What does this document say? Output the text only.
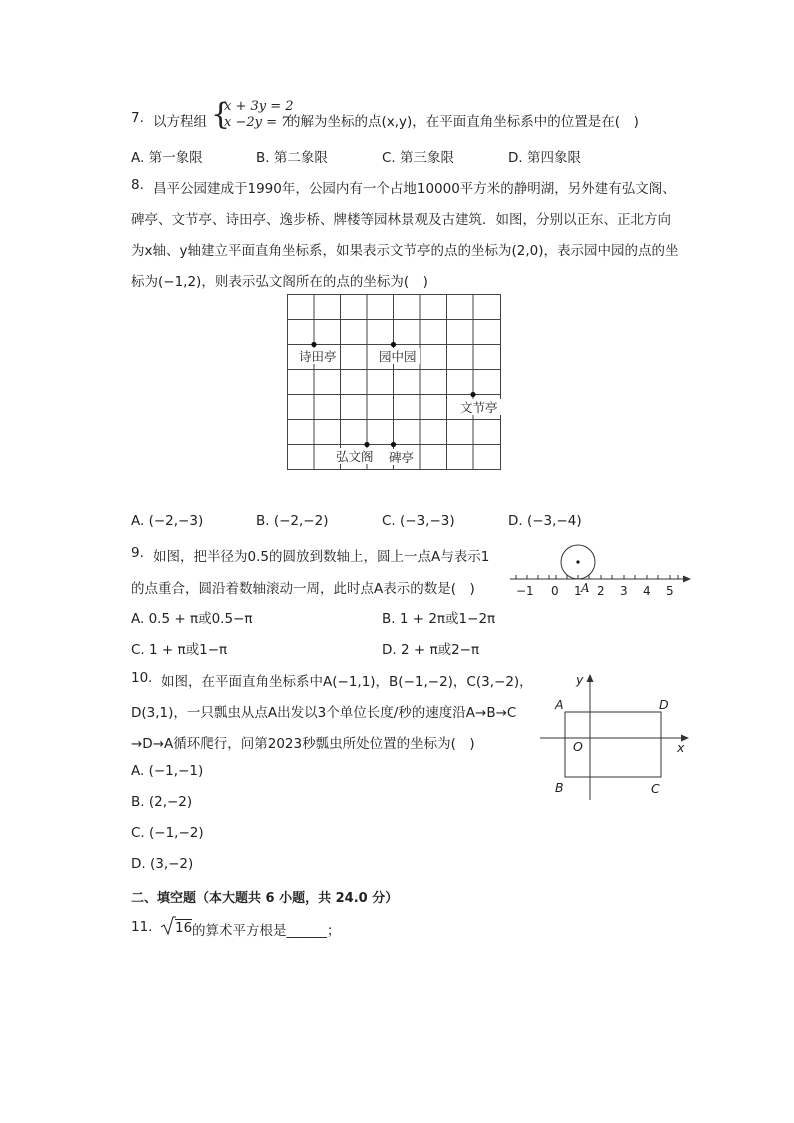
7. 以方程组 {
x + 3y = 2
x −2y = 7
的解为坐标的点(x,y)，在平面直角坐标系中的位置是在(　)
A. 第一象限	B. 第二象限	C. 第三象限	D. 第四象限
8. 昌平公园建成于1990年，公园内有一个占地10000平方米的静明湖，另外建有弘文阁、
碑亭、文节亭、诗田亭、逸步桥、牌楼等园林景观及古建筑．如图，分别以正东、正北方向
为x轴、y轴建立平面直角坐标系，如果表示文节亭的点的坐标为(2,0)，表示园中园的点的坐
标为(−1,2)，则表示弘文阁所在的点的坐标为(　)
诗田亭	园中园
文节亭
弘文阁 碑亭
A. (−2,−3)	B. (−2,−2)	C. (−3,−3)	D. (−3,−4)
9. 如图，把半径为0.5的圆放到数轴上，圆上一点A与表示1
的点重合，圆沿着数轴滚动一周，此时点A表示的数是(　)	−1 0 1 2 3 4 5
A
A. 0.5 + π或0.5−π	B. 1 + 2π或1−2π
C. 1 + π或1−π	D. 2 + π或2−π
10. 如图，在平面直角坐标系中A(−1,1)，B(−1,−2)，C(3,−2)，
D(3,1)，一只瓢虫从点A出发以3个单位长度/秒的速度沿A→B→C
→D→A循环爬行，问第2023秒瓢虫所处位置的坐标为(　)
y
x
O
A
B	C
D
A. (−1,−1)
B. (2,−2)
C. (−1,−2)
D. (3,−2)
二、填空题（本大题共 6 小题，共 24.0 分）
11. 16 的算术平方根是______；
